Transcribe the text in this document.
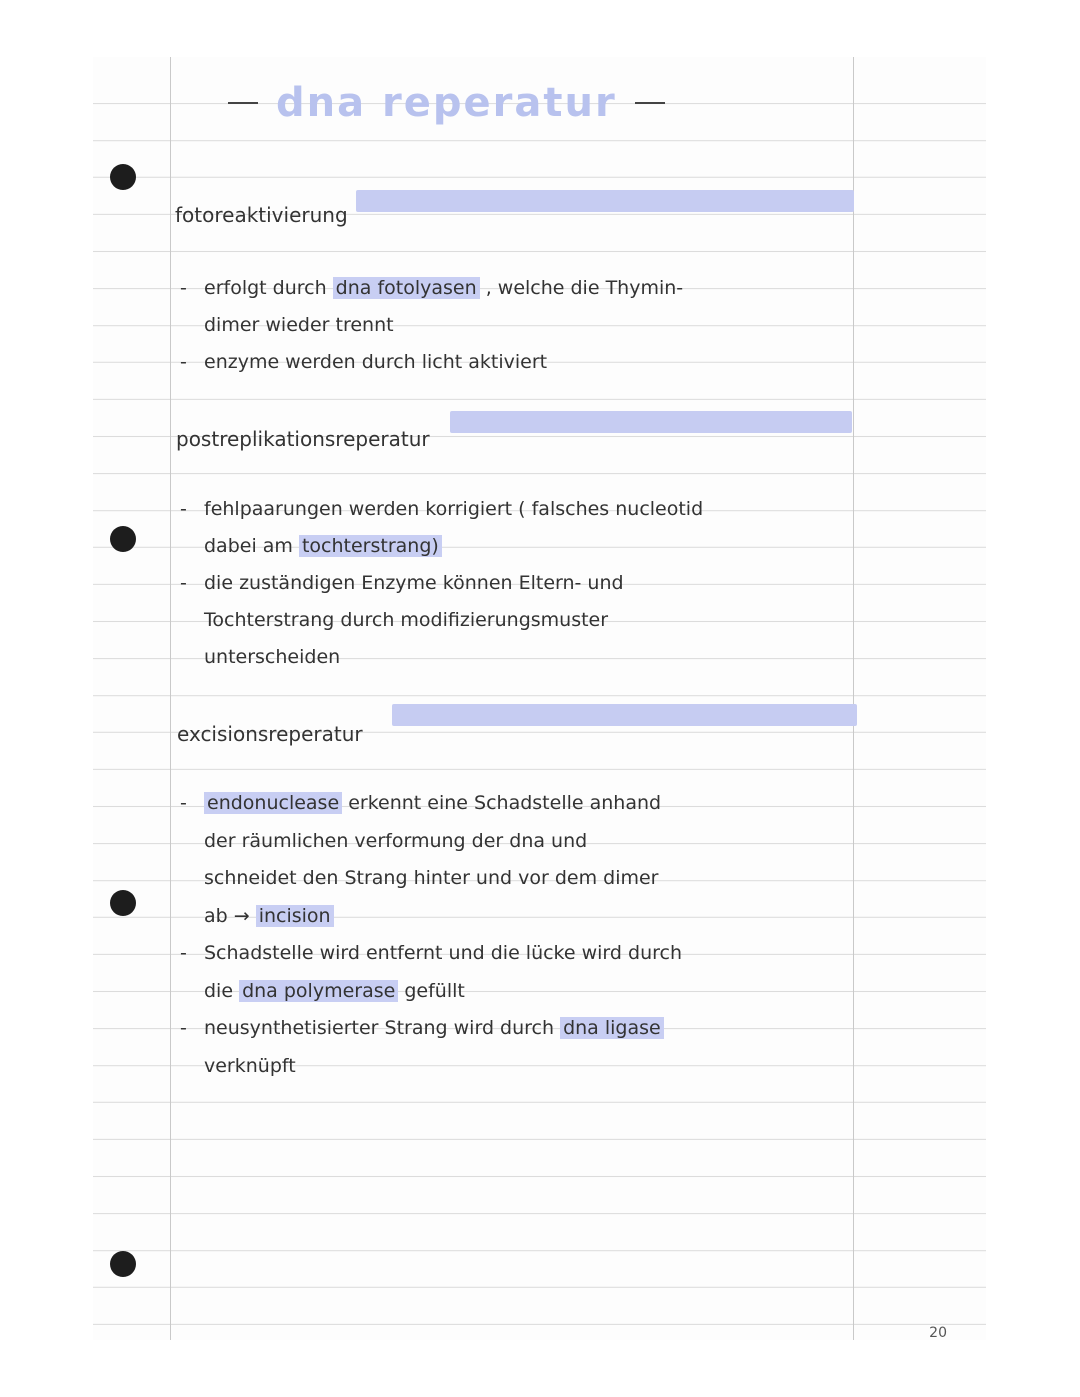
dna reperatur
fotoreaktivierung
- erfolgt durch dna fotolyasen , welche die Thymin-
dimer wieder trennt
- enzyme werden durch licht aktiviert
postreplikationsreperatur
- fehlpaarungen werden korrigiert ( falsches nucleotid
dabei am tochterstrang)
- die zuständigen Enzyme können Eltern- und
Tochterstrang durch modifizierungsmuster
unterscheiden
excisionsreperatur
- endonuclease erkennt eine Schadstelle anhand
der räumlichen verformung der dna und
schneidet den Strang hinter und vor dem dimer
ab → incision
- Schadstelle wird entfernt und die lücke wird durch
die dna polymerase gefüllt
- neusynthetisierter Strang wird durch dna ligase
verknüpft
20
